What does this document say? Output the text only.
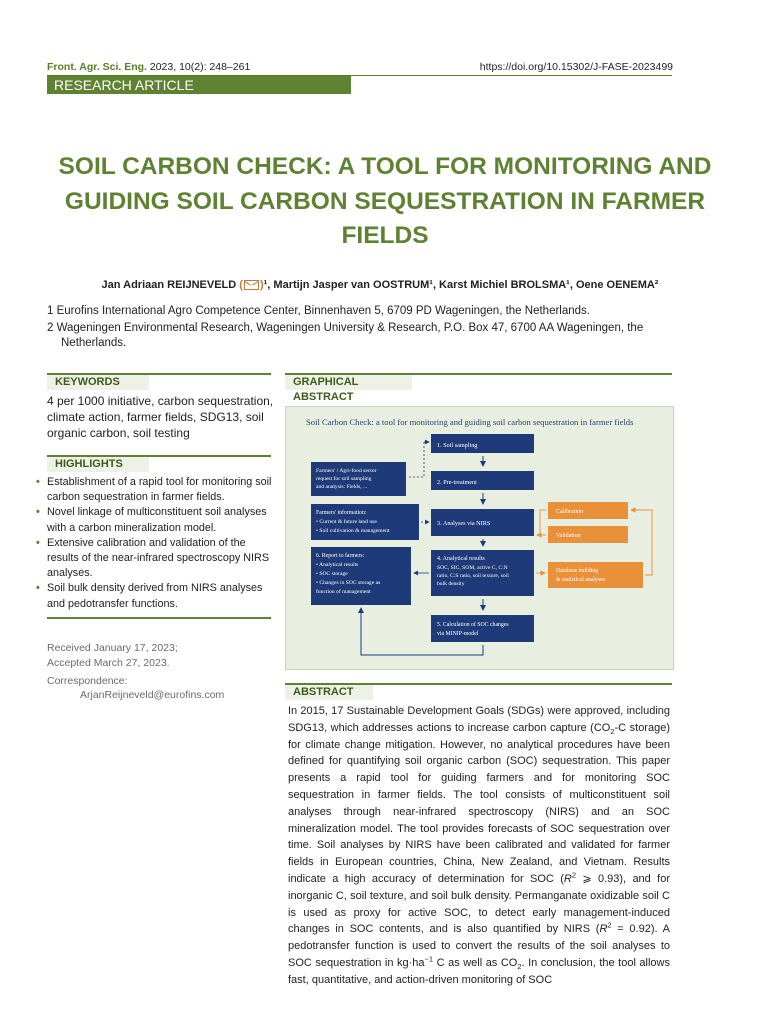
Front. Agr. Sci. Eng. 2023, 10(2): 248–261	https://doi.org/10.15302/J-FASE-2023499
RESEARCH ARTICLE
SOIL CARBON CHECK: A TOOL FOR MONITORING AND GUIDING SOIL CARBON SEQUESTRATION IN FARMER FIELDS
Jan Adriaan REIJNEVELD ( )¹, Martijn Jasper van OOSTRUM¹, Karst Michiel BROLSMA¹, Oene OENEMA²
1 Eurofins International Agro Competence Center, Binnenhaven 5, 6709 PD Wageningen, the Netherlands.
2 Wageningen Environmental Research, Wageningen University & Research, P.O. Box 47, 6700 AA Wageningen, the Netherlands.
KEYWORDS
4 per 1000 initiative, carbon sequestration, climate action, farmer fields, SDG13, soil organic carbon, soil testing
HIGHLIGHTS
• Establishment of a rapid tool for monitoring soil carbon sequestration in farmer fields.
• Novel linkage of multiconstituent soil analyses with a carbon mineralization model.
• Extensive calibration and validation of the results of the near-infrared spectroscopy NIRS analyses.
• Soil bulk density derived from NIRS analyses and pedotransfer functions.
Received January 17, 2023;
Accepted March 27, 2023.
Correspondence:
ArjanReijneveld@eurofins.com
GRAPHICAL ABSTRACT
Soil Carbon Check: a tool for monitoring and guiding soil carbon sequestration in farmer fields
1. Soil sampling
2. Pre-treatment
3. Analyses via NIRS
4. Analytical results
SOC, SIC, SOM, active C, C:N
ratio, C:S ratio, soil texture, soil
bulk density
5. Calculation of SOC changes
via MINIP-model
Farmers' / Agri-food sector
request for soil sampling
and analysis: Fields, ...
Farmers' information:
• Current & future land use
• Soil cultivation & management
6. Report to farmers:
• Analytical results
• SOC storage
• Changes in SOC storage as
function of management
Calibration
Validation
Database building
& statistical analyses
ABSTRACT
In 2015, 17 Sustainable Development Goals (SDGs) were approved, including SDG13, which addresses actions to increase carbon capture ($CO_2-C$ storage) for climate change mitigation. However, no analytical procedures have been defined for quantifying soil organic carbon (SOC) sequestration. This paper presents a rapid tool for guiding farmers and for monitoring SOC sequestration in farmer fields. The tool consists of multiconstituent soil analyses through near-infrared spectroscopy (NIRS) and an SOC mineralization model. The tool provides forecasts of SOC sequestration over time. Soil analyses by NIRS have been calibrated and validated for farmer fields in European countries, China, New Zealand, and Vietnam. Results indicate a high accuracy of determination for SOC ($R^2$ ⩾ 0.93), and for inorganic C, soil texture, and soil bulk density. Permanganate oxidizable soil C is used as proxy for active SOC, to detect early management-induced changes in SOC contents, and is also quantified by NIRS $(R^2 = 0.92)$. A pedotransfer function is used to convert the results of the soil analyses to SOC sequestration in $kg\cdot ha^{-1}$ C as well as $CO_2$. In conclusion, the tool allows fast, quantitative, and action-driven monitoring of SOC
